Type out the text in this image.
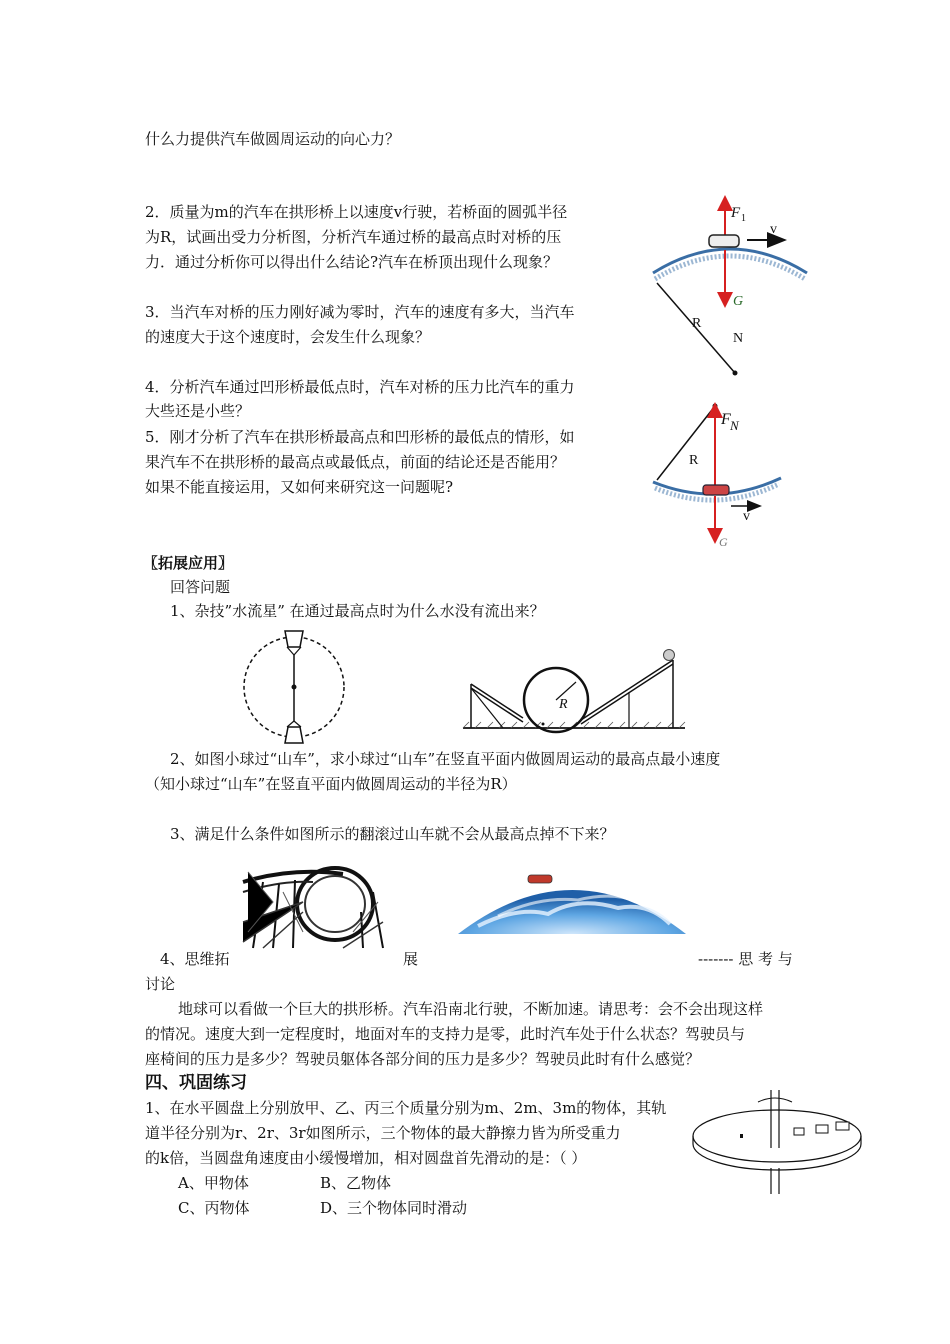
什么力提供汽车做圆周运动的向心力？
2．质量为m的汽车在拱形桥上以速度v行驶，若桥面的圆弧半径
为R，试画出受力分析图，分析汽车通过桥的最高点时对桥的压
力．通过分析你可以得出什么结论?汽车在桥顶出现什么现象？
3．当汽车对桥的压力刚好减为零时，汽车的速度有多大，当汽车
的速度大于这个速度时，会发生什么现象？
4．分析汽车通过凹形桥最低点时，汽车对桥的压力比汽车的重力
大些还是小些？
5．刚才分析了汽车在拱形桥最高点和凹形桥的最低点的情形，如
果汽车不在拱形桥的最高点或最低点，前面的结论还是否能用？
如果不能直接运用，又如何来研究这一问题呢?
F 1
v
G
R
N
F N
R
v
G
〖拓展应用〗
回答问题
1、杂技”水流星” 在通过最高点时为什么水没有流出来？
R
2、如图小球过“山车”，求小球过“山车”在竖直平面内做圆周运动的最高点最小速度
（知小球过“山车”在竖直平面内做圆周运动的半径为R）
3、满足什么条件如图所示的翻滚过山车就不会从最高点掉不下来？
4、思维拓	展	------- 思 考 与
讨论
地球可以看做一个巨大的拱形桥。汽车沿南北行驶，不断加速。请思考：会不会出现这样
的情况。速度大到一定程度时，地面对车的支持力是零，此时汽车处于什么状态？驾驶员与
座椅间的压力是多少？驾驶员躯体各部分间的压力是多少？驾驶员此时有什么感觉？
四、巩固练习
1、在水平圆盘上分别放甲、乙、丙三个质量分别为m、2m、3m的物体，其轨
道半径分别为r、2r、3r如图所示，三个物体的最大静擦力皆为所受重力
的k倍，当圆盘角速度由小缓慢增加，相对圆盘首先滑动的是：（ ）
A、甲物体	B、乙物体
C、丙物体	D、三个物体同时滑动
